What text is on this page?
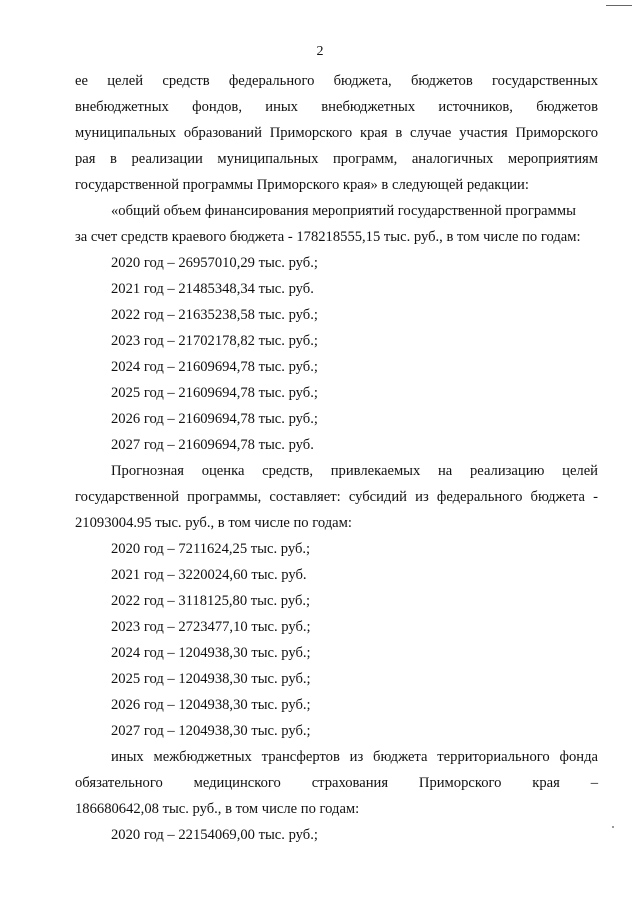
2

ее целей средств федерального бюджета, бюджетов государственных

внебюджетных фондов, иных внебюджетных источников, бюджетов

муниципальных образований Приморского края в случае участия Приморского

рая в реализации муниципальных программ, аналогичных мероприятиям

государственной программы Приморского края» в следующей редакции:

«общий объем финансирования мероприятий государственной программы

за счет средств краевого бюджета - 178218555,15 тыс. руб., в том числе по годам:

2020 год – 26957010,29 тыс. руб.;

2021 год – 21485348,34 тыс. руб.

2022 год – 21635238,58 тыс. руб.;

2023 год – 21702178,82 тыс. руб.;

2024 год – 21609694,78 тыс. руб.;

2025 год – 21609694,78 тыс. руб.;

2026 год – 21609694,78 тыс. руб.;

2027 год – 21609694,78 тыс. руб.

Прогнозная оценка средств, привлекаемых на реализацию целей

государственной программы, составляет: субсидий из федерального бюджета -

21093004.95 тыс. руб., в том числе по годам:

2020 год – 7211624,25 тыс. руб.;

2021 год – 3220024,60 тыс. руб.

2022 год – 3118125,80 тыс. руб.;

2023 год – 2723477,10 тыс. руб.;

2024 год – 1204938,30 тыс. руб.;

2025 год – 1204938,30 тыс. руб.;

2026 год – 1204938,30 тыс. руб.;

2027 год – 1204938,30 тыс. руб.;

иных межбюджетных трансфертов из бюджета территориального фонда

обязательного медицинского страхования Приморского края –

186680642,08 тыс. руб., в том числе по годам:

2020 год – 22154069,00 тыс. руб.;
